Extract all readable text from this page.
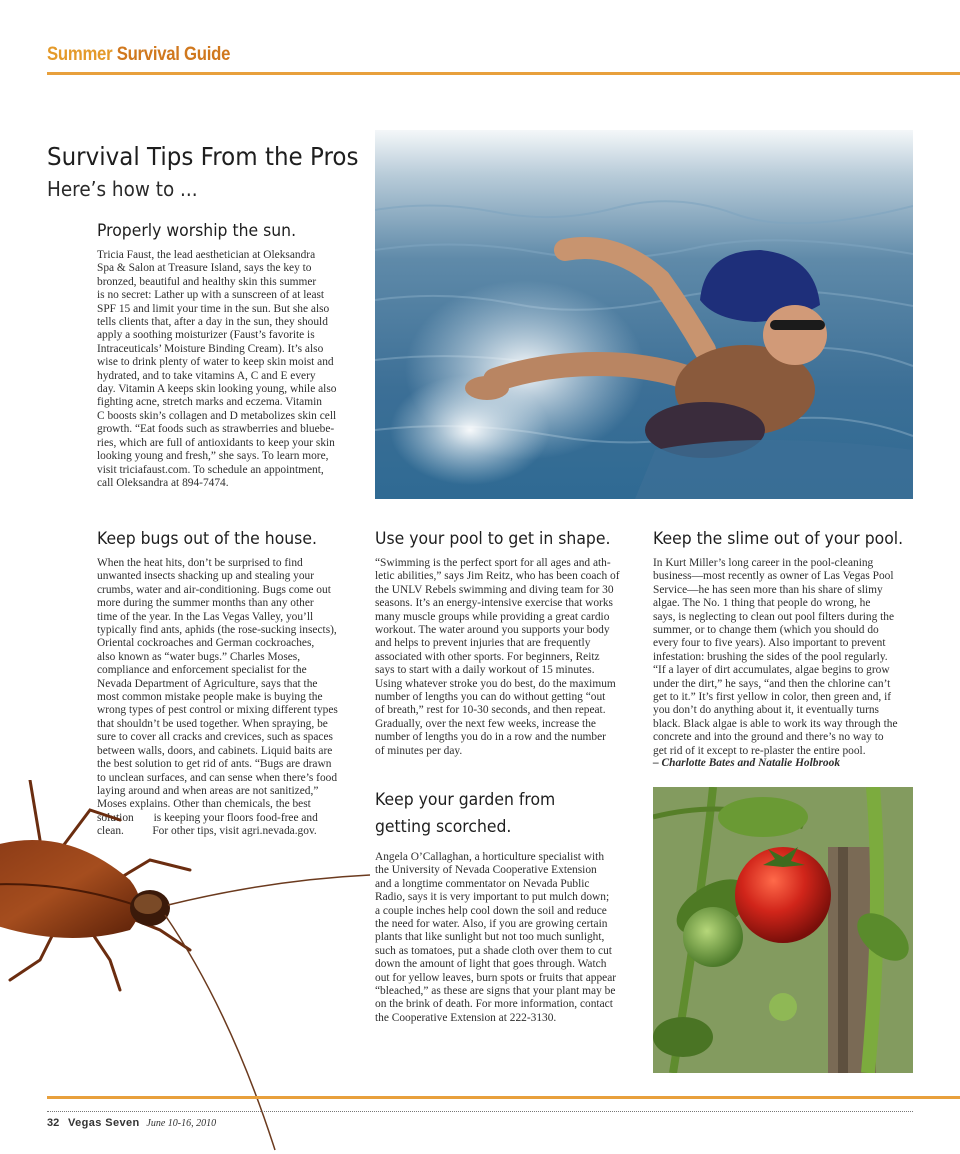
Summer Survival Guide
Survival Tips From the Pros
Here’s how to ...
Properly worship the sun.
Tricia Faust, the lead aesthetician at Oleksandra
Spa & Salon at Treasure Island, says the key to
bronzed, beautiful and healthy skin this summer
is no secret: Lather up with a sunscreen of at least
SPF 15 and limit your time in the sun. But she also
tells clients that, after a day in the sun, they should
apply a soothing moisturizer (Faust’s favorite is
Intraceuticals’ Moisture Binding Cream). It’s also
wise to drink plenty of water to keep skin moist and
hydrated, and to take vitamins A, C and E every
day. Vitamin A keeps skin looking young, while also
fighting acne, stretch marks and eczema. Vitamin
C boosts skin’s collagen and D metabolizes skin cell
growth. “Eat foods such as strawberries and bluebe-
ries, which are full of antioxidants to keep your skin
looking young and fresh,” she says. To learn more,
visit triciafaust.com. To schedule an appointment,
call Oleksandra at 894-7474.
Keep bugs out of the house.
When the heat hits, don’t be surprised to find
unwanted insects shacking up and stealing your
crumbs, water and air-conditioning. Bugs come out
more during the summer months than any other
time of the year. In the Las Vegas Valley, you’ll
typically find ants, aphids (the rose-sucking insects),
Oriental cockroaches and German cockroaches,
also known as “water bugs.” Charles Moses,
compliance and enforcement specialist for the
Nevada Department of Agriculture, says that the
most common mistake people make is buying the
wrong types of pest control or mixing different types
that shouldn’t be used together. When spraying, be
sure to cover all cracks and crevices, such as spaces
between walls, doors, and cabinets. Liquid baits are
the best solution to get rid of ants. “Bugs are drawn
to unclean surfaces, and can sense when there’s food
laying around and when areas are not sanitized,”
Moses explains. Other than chemicals, the best
solution       is keeping your floors food-free and
clean.          For other tips, visit agri.nevada.gov.
Use your pool to get in shape.
“Swimming is the perfect sport for all ages and ath-
letic abilities,” says Jim Reitz, who has been coach of
the UNLV Rebels swimming and diving team for 30
seasons. It’s an energy-intensive exercise that works
many muscle groups while providing a great cardio
workout. The water around you supports your body
and helps to prevent injuries that are frequently
associated with other sports. For beginners, Reitz
says to start with a daily workout of 15 minutes.
Using whatever stroke you do best, do the maximum
number of lengths you can do without getting “out
of breath,” rest for 10-30 seconds, and then repeat.
Gradually, over the next few weeks, increase the
number of lengths you do in a row and the number
of minutes per day.
Keep the slime out of your pool.
In Kurt Miller’s long career in the pool-cleaning
business—most recently as owner of Las Vegas Pool
Service—he has seen more than his share of slimy
algae. The No. 1 thing that people do wrong, he
says, is neglecting to clean out pool filters during the
summer, or to change them (which you should do
every four to five years). Also important to prevent
infestation: brushing the sides of the pool regularly.
“If a layer of dirt accumulates, algae begins to grow
under the dirt,” he says, “and then the chlorine can’t
get to it.” It’s first yellow in color, then green and, if
you don’t do anything about it, it eventually turns
black. Black algae is able to work its way through the
concrete and into the ground and there’s no way to
get rid of it except to re-plaster the entire pool.
– Charlotte Bates and Natalie Holbrook
Keep your garden from
getting scorched.
Angela O’Callaghan, a horticulture specialist with
the University of Nevada Cooperative Extension
and a longtime commentator on Nevada Public
Radio, says it is very important to put mulch down;
a couple inches help cool down the soil and reduce
the need for water. Also, if you are growing certain
plants that like sunlight but not too much sunlight,
such as tomatoes, put a shade cloth over them to cut
down the amount of light that goes through. Watch
out for yellow leaves, burn spots or fruits that appear
“bleached,” as these are signs that your plant may be
on the brink of death. For more information, contact
the Cooperative Extension at 222-3130.
32 Vegas Seven June 10-16, 2010
